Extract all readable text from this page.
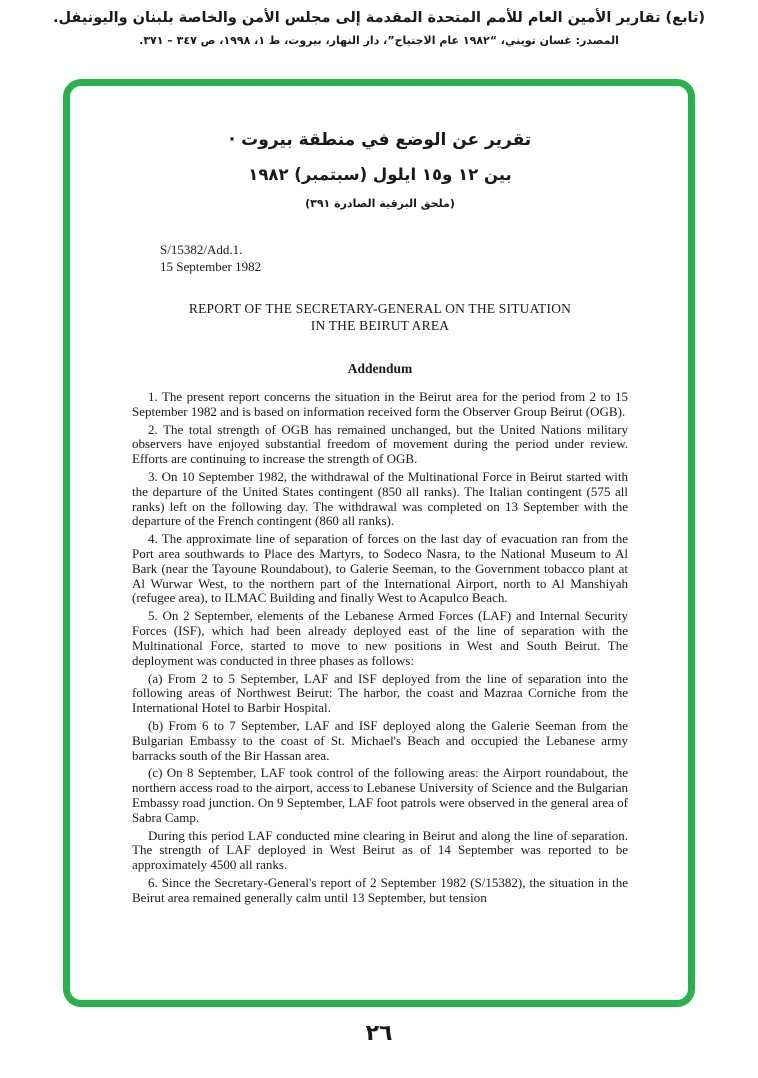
(تابع) تقارير الأمين العام للأمم المتحدة المقدمة إلى مجلس الأمن والخاصة بلبنان واليونيفل.
المصدر: غسان تويني، “١٩٨٢ عام الاجتياح”، دار النهار، بيروت، ط ١، ١٩٩٨، ص ٣٤٧ – ٣٧١.
تقرير عن الوضع في منطقة بيروت ·
بين ١٢ و١٥ ايلول (سبتمبر) ١٩٨٢
(ملحق البرقية الصادرة ٣٩١)
S/15382/Add.1.
15 September 1982
REPORT OF THE SECRETARY-GENERAL ON THE SITUATION
IN THE BEIRUT AREA
Addendum

1. The present report concerns the situation in the Beirut area for the period from 2 to 15 September 1982 and is based on information received form the Observer Group Beirut (OGB).

2. The total strength of OGB has remained unchanged, but the United Nations military observers have enjoyed substantial freedom of movement during the period under review. Efforts are continuing to increase the strength of OGB.

3. On 10 September 1982, the withdrawal of the Multinational Force in Beirut started with the departure of the United States contingent (850 all ranks). The Italian contingent (575 all ranks) left on the following day. The withdrawal was completed on 13 September with the departure of the French contingent (860 all ranks).

4. The approximate line of separation of forces on the last day of evacuation ran from the Port area southwards to Place des Martyrs, to Sodeco Nasra, to the National Museum to Al Bark (near the Tayoune Roundabout), to Galerie Seeman, to the Government tobacco plant at Al Wurwar West, to the northern part of the International Airport, north to Al Manshiyah (refugee area), to ILMAC Building and finally West to Acapulco Beach.

5. On 2 September, elements of the Lebanese Armed Forces (LAF) and Internal Security Forces (ISF), which had been already deployed east of the line of separation with the Multinational Force, started to move to new positions in West and South Beirut. The deployment was conducted in three phases as follows:

(a) From 2 to 5 September, LAF and ISF deployed from the line of separation into the following areas of Northwest Beirut: The harbor, the coast and Mazraa Corniche from the International Hotel to Barbir Hospital.

(b) From 6 to 7 September, LAF and ISF deployed along the Galerie Seeman from the Bulgarian Embassy to the coast of St. Michael's Beach and occupied the Lebanese army barracks south of the Bir Hassan area.

(c) On 8 September, LAF took control of the following areas: the Airport roundabout, the northern access road to the airport, access to Lebanese University of Science and the Bulgarian Embassy road junction. On 9 September, LAF foot patrols were observed in the general area of Sabra Camp.

During this period LAF conducted mine clearing in Beirut and along the line of separation. The strength of LAF deployed in West Beirut as of 14 September was reported to be approximately 4500 all ranks.

6. Since the Secretary-General's report of 2 September 1982 (S/15382), the situation in the Beirut area remained generally calm until 13 September, but tension

٢٦
